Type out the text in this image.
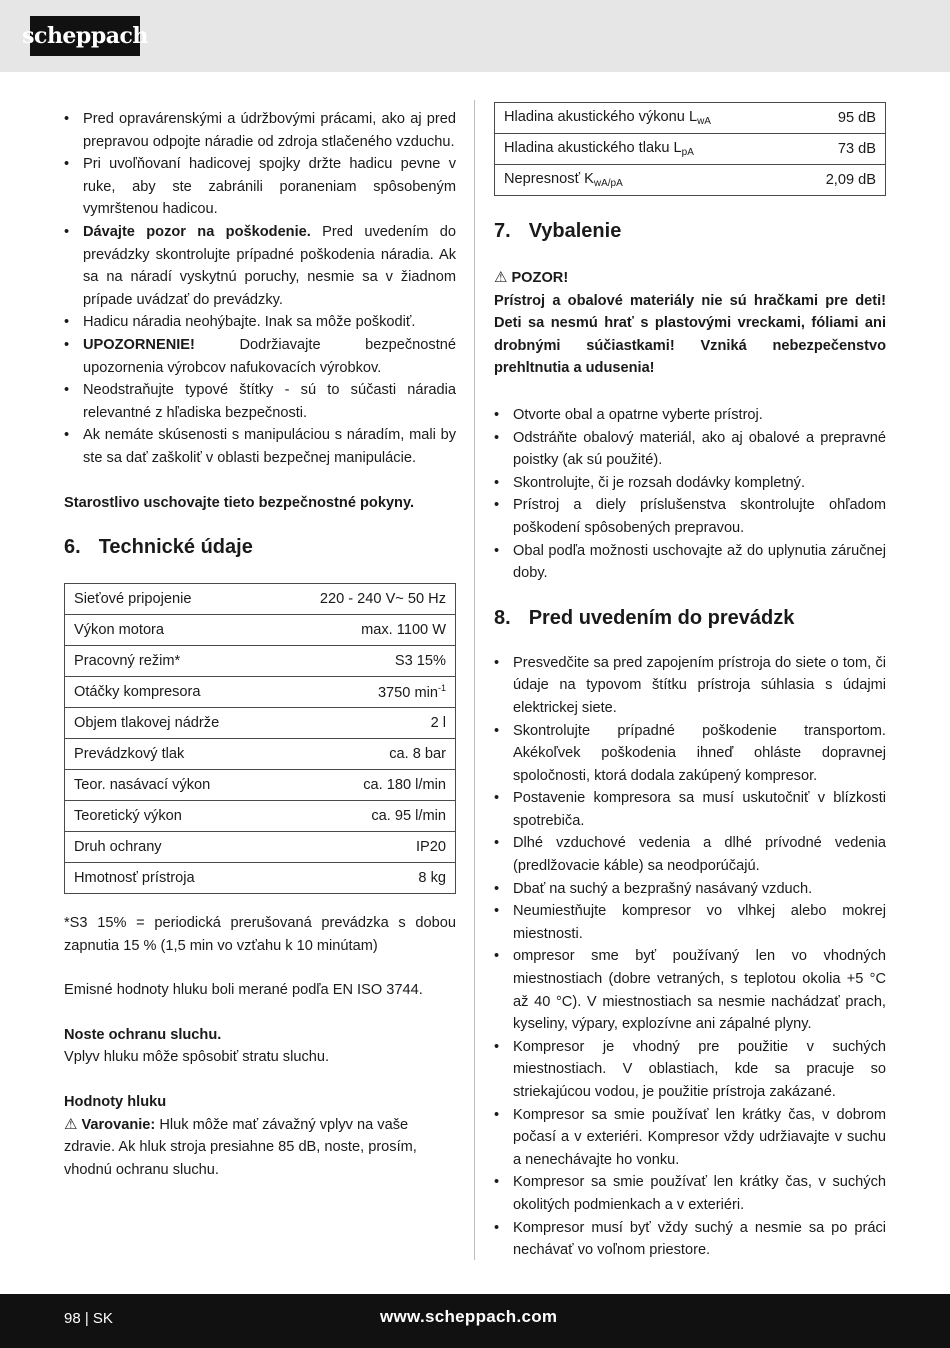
scheppach
• Pred opravárenskými a údržbovými prácami, ako aj pred prepravou odpojte náradie od zdroja stlačeného vzduchu.
• Pri uvoľňovaní hadicovej spojky držte hadicu pevne v ruke, aby ste zabránili poraneniam spôsobeným vymrštenou hadicou.
• Dávajte pozor na poškodenie. Pred uvedením do prevádzky skontrolujte prípadné poškodenia náradia. Ak sa na náradí vyskytnú poruchy, nesmie sa v žiadnom prípade uvádzať do prevádzky.
• Hadicu náradia neohýbajte. Inak sa môže poškodiť.
• UPOZORNENIE! Dodržiavajte bezpečnostné upozornenia výrobcov nafukovacích výrobkov.
• Neodstraňujte typové štítky - sú to súčasti náradia relevantné z hľadiska bezpečnosti.
• Ak nemáte skúsenosti s manipuláciou s náradím, mali by ste sa dať zaškoliť v oblasti bezpečnej manipulácie.
Starostlivo uschovajte tieto bezpečnostné pokyny.
6. Technické údaje
Sieťové pripojenie	220 - 240 V~ 50 Hz
Výkon motora	max. 1100 W
Pracovný režim*	S3 15%
Otáčky kompresora	3750 $\min^{-1}$
Objem tlakovej nádrže	2 l
Prevádzkový tlak	ca. 8 bar
Teor. nasávací výkon	ca. 180 l/min
Teoretický výkon	ca. 95 l/min
Druh ochrany	IP20
Hmotnosť prístroja	8 kg
*S3 15% = periodická prerušovaná prevádzka s dobou zapnutia 15 % (1,5 min vo vzťahu k 10 minútam)
Emisné hodnoty hluku boli merané podľa EN ISO 3744.
Noste ochranu sluchu.
Vplyv hluku môže spôsobiť stratu sluchu.
Hodnoty hluku
⚠ Varovanie: Hluk môže mať závažný vplyv na vaše zdravie. Ak hluk stroja presiahne 85 dB, noste, prosím, vhodnú ochranu sluchu.
Hladina akustického výkonu $L_{wA}$	95 dB
Hladina akustického tlaku $L_{pA}$	73 dB
Nepresnosť $K_{wA/pA}$	2,09 dB
7. Vybalenie
⚠ POZOR!
Prístroj a obalové materiály nie sú hračkami pre deti! Deti sa nesmú hrať s plastovými vreckami, fóliami ani drobnými súčiastkami! Vzniká nebezpečenstvo prehltnutia a udusenia!
• Otvorte obal a opatrne vyberte prístroj.
• Odstráňte obalový materiál, ako aj obalové a prepravné poistky (ak sú použité).
• Skontrolujte, či je rozsah dodávky kompletný.
• Prístroj a diely príslušenstva skontrolujte ohľadom poškodení spôsobených prepravou.
• Obal podľa možnosti uschovajte až do uplynutia záručnej doby.
8. Pred uvedením do prevádzk
• Presvedčite sa pred zapojením prístroja do siete o tom, či údaje na typovom štítku prístroja súhlasia s údajmi elektrickej siete.
• Skontrolujte prípadné poškodenie transportom. Akékoľvek poškodenia ihneď ohláste dopravnej spoločnosti, ktorá dodala zakúpený kompresor.
• Postavenie kompresora sa musí uskutočniť v blízkosti spotrebiča.
• Dlhé vzduchové vedenia a dlhé prívodné vedenia (predlžovacie káble) sa neodporúčajú.
• Dbať na suchý a bezprašný nasávaný vzduch.
• Neumiestňujte kompresor vo vlhkej alebo mokrej miestnosti.
• ompresor sme byť používaný len vo vhodných miestnostiach (dobre vetraných, s teplotou okolia +5 °C až 40 °C). V miestnostiach sa nesmie nachádzať prach, kyseliny, výpary, explozívne ani zápalné plyny.
• Kompresor je vhodný pre použitie v suchých miestnostiach. V oblastiach, kde sa pracuje so striekajúcou vodou, je použitie prístroja zakázané.
• Kompresor sa smie používať len krátky čas, v dobrom počasí a v exteriéri. Kompresor vždy udržiavajte v suchu a nenechávajte ho vonku.
• Kompresor sa smie používať len krátky čas, v suchých okolitých podmienkach a v exteriéri.
• Kompresor musí byť vždy suchý a nesmie sa po práci nechávať vo voľnom priestore.
98 | SK	www.scheppach.com
